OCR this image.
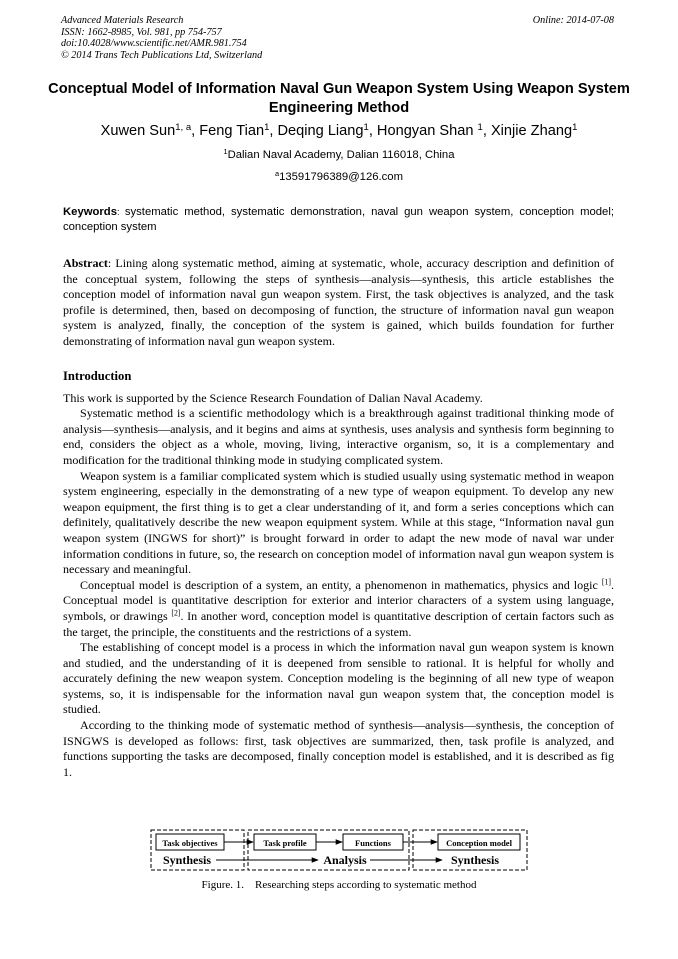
Advanced Materials Research
ISSN: 1662-8985, Vol. 981, pp 754-757
doi:10.4028/www.scientific.net/AMR.981.754
© 2014 Trans Tech Publications Ltd, Switzerland
Online: 2014-07-08
Conceptual Model of Information Naval Gun Weapon System Using Weapon System Engineering Method
Xuwen Sun$^{1, a}$, Feng Tian$^1$, Deqing Liang$^1$, Hongyan Shan $^1$, Xinjie Zhang$^1$
$^1$Dalian Naval Academy, Dalian 116018, China
$^a$13591796389@126.com
Keywords: systematic method, systematic demonstration, naval gun weapon system, conception model; conception system
Abstract: Lining along systematic method, aiming at systematic, whole, accuracy description and definition of the conceptual system, following the steps of synthesis—analysis—synthesis, this article establishes the conception model of information naval gun weapon system. First, the task objectives is analyzed, and the task profile is determined, then, based on decomposing of function, the structure of information naval gun weapon system is analyzed, finally, the conception of the system is gained, which builds foundation for further demonstrating of information naval gun weapon system.

Introduction

This work is supported by the Science Research Foundation of Dalian Naval Academy.

Systematic method is a scientific methodology which is a breakthrough against traditional thinking mode of analysis—synthesis—analysis, and it begins and aims at synthesis, uses analysis and synthesis form beginning to end, considers the object as a whole, moving, living, interactive organism, so, it is a complementary and modification for the traditional thinking mode in studying complicated system.

Weapon system is a familiar complicated system which is studied usually using systematic method in weapon system engineering, especially in the demonstrating of a new type of weapon equipment. To develop any new weapon equipment, the first thing is to get a clear understanding of it, and form a series conceptions which can definitely, qualitatively describe the new weapon equipment system. While at this stage, “Information naval gun weapon system (INGWS for short)” is brought forward in order to adapt the new mode of naval war under information conditions in future, so, the research on conception model of information naval gun weapon system is necessary and meaningful.

Conceptual model is description of a system, an entity, a phenomenon in mathematics, physics and logic [1]. Conceptual model is quantitative description for exterior and interior characters of a system using language, symbols, or drawings [2]. In another word, conception model is quantitative description of certain factors such as the target, the principle, the constituents and the restrictions of a system.

The establishing of concept model is a process in which the information naval gun weapon system is known and studied, and the understanding of it is deepened from sensible to rational. It is helpful for wholly and accurately defining the new weapon system. Conception modeling is the beginning of all new type of weapon systems, so, it is indispensable for the information naval gun weapon system that, the conception model is studied.

According to the thinking mode of systematic method of synthesis—analysis—synthesis, the conception of ISNGWS is developed as follows: first, task objectives are summarized, then, task profile is analyzed, and functions supporting the tasks are decomposed, finally conception model is established, and it is described as fig 1.

Task objectives	Task profile	Functions	Conception model
Synthesis	Analysis	Synthesis
Figure. 1.    Researching steps according to systematic method
